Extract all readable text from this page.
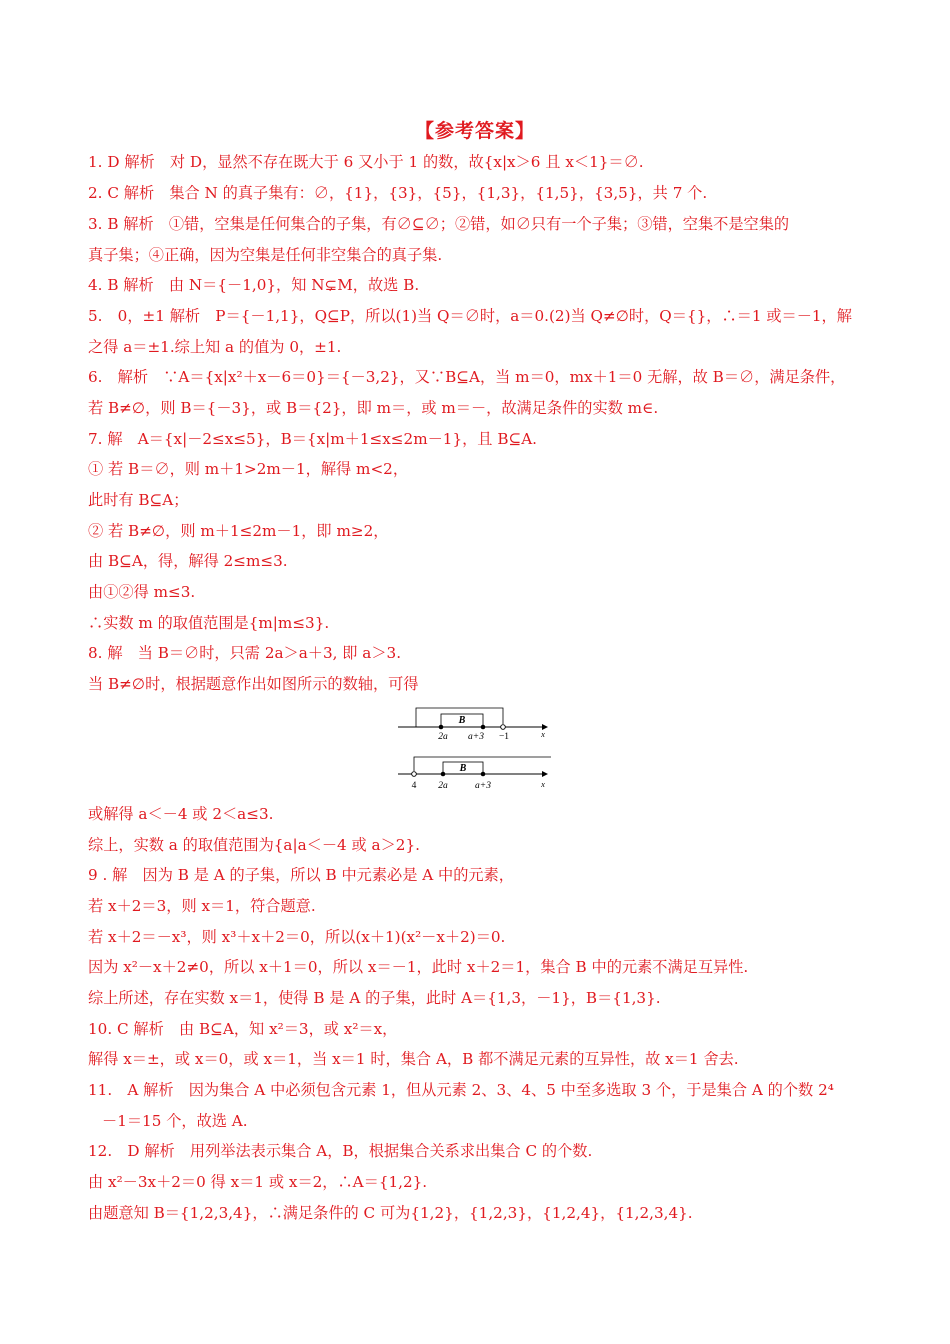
【参考答案】
1. D 解析　对 D，显然不存在既大于 6 又小于 1 的数，故{x|x＞6 且 x＜1}＝∅.
2. C 解析　集合 N 的真子集有：∅，{1}，{3}，{5}，{1,3}，{1,5}，{3,5}，共 7 个.
3. B 解析　①错，空集是任何集合的子集，有∅⊆∅；②错，如∅只有一个子集；③错，空集不是空集的
真子集；④正确，因为空集是任何非空集合的真子集.
4. B 解析　由 N＝{－1,0}，知 N⊊M，故选 B.
5.　0，±1 解析　P＝{－1,1}，Q⊆P，所以(1)当 Q＝∅时，a＝0.(2)当 Q≠∅时，Q＝{}，∴＝1 或＝－1，解
之得 a＝±1.综上知 a 的值为 0，±1.
6.　解析　∵A＝{x|x²＋x－6＝0}＝{－3,2}，又∵B⊆A，当 m＝0，mx＋1＝0 无解，故 B＝∅，满足条件，
若 B≠∅，则 B＝{－3}，或 B＝{2}，即 m＝，或 m＝－，故满足条件的实数 m∈.
7. 解　A＝{x|－2≤x≤5}，B＝{x|m＋1≤x≤2m－1}，且 B⊆A.
① 若 B＝∅，则 m＋1>2m－1，解得 m<2，
此时有 B⊆A；
② 若 B≠∅，则 m＋1≤2m－1，即 m≥2，
由 B⊆A，得，解得 2≤m≤3.
由①②得 m≤3.
∴实数 m 的取值范围是{m|m≤3}.
8. 解　当 B＝∅时，只需 2a＞a＋3, 即 a＞3.
当 B≠∅时，根据题意作出如图所示的数轴，可得
B
2a a+3 −1	x
B
4 2a	a+3	x
或解得 a＜－4 或 2＜a≤3.
综上，实数 a 的取值范围为{a|a＜－4 或 a＞2}.
9 . 解　因为 B 是 A 的子集，所以 B 中元素必是 A 中的元素，
若 x＋2＝3，则 x＝1，符合题意.
若 x＋2＝－x³，则 x³＋x＋2＝0，所以(x＋1)(x²－x＋2)＝0.
因为 x²－x＋2≠0，所以 x＋1＝0，所以 x＝－1，此时 x＋2＝1，集合 B 中的元素不满足互异性.
综上所述，存在实数 x＝1，使得 B 是 A 的子集，此时 A＝{1,3，－1}，B＝{1,3}.
10. C 解析　由 B⊆A，知 x²＝3，或 x²＝x，
解得 x＝±，或 x＝0，或 x＝1，当 x＝1 时，集合 A，B 都不满足元素的互异性，故 x＝1 舍去.
11.　A 解析　因为集合 A 中必须包含元素 1，但从元素 2、3、4、5 中至多选取 3 个，于是集合 A 的个数 2⁴
－1＝15 个，故选 A.
12.　D 解析　用列举法表示集合 A，B，根据集合关系求出集合 C 的个数.
由 x²－3x＋2＝0 得 x＝1 或 x＝2，∴A＝{1,2}.
由题意知 B＝{1,2,3,4}，∴满足条件的 C 可为{1,2}，{1,2,3}，{1,2,4}，{1,2,3,4}.
